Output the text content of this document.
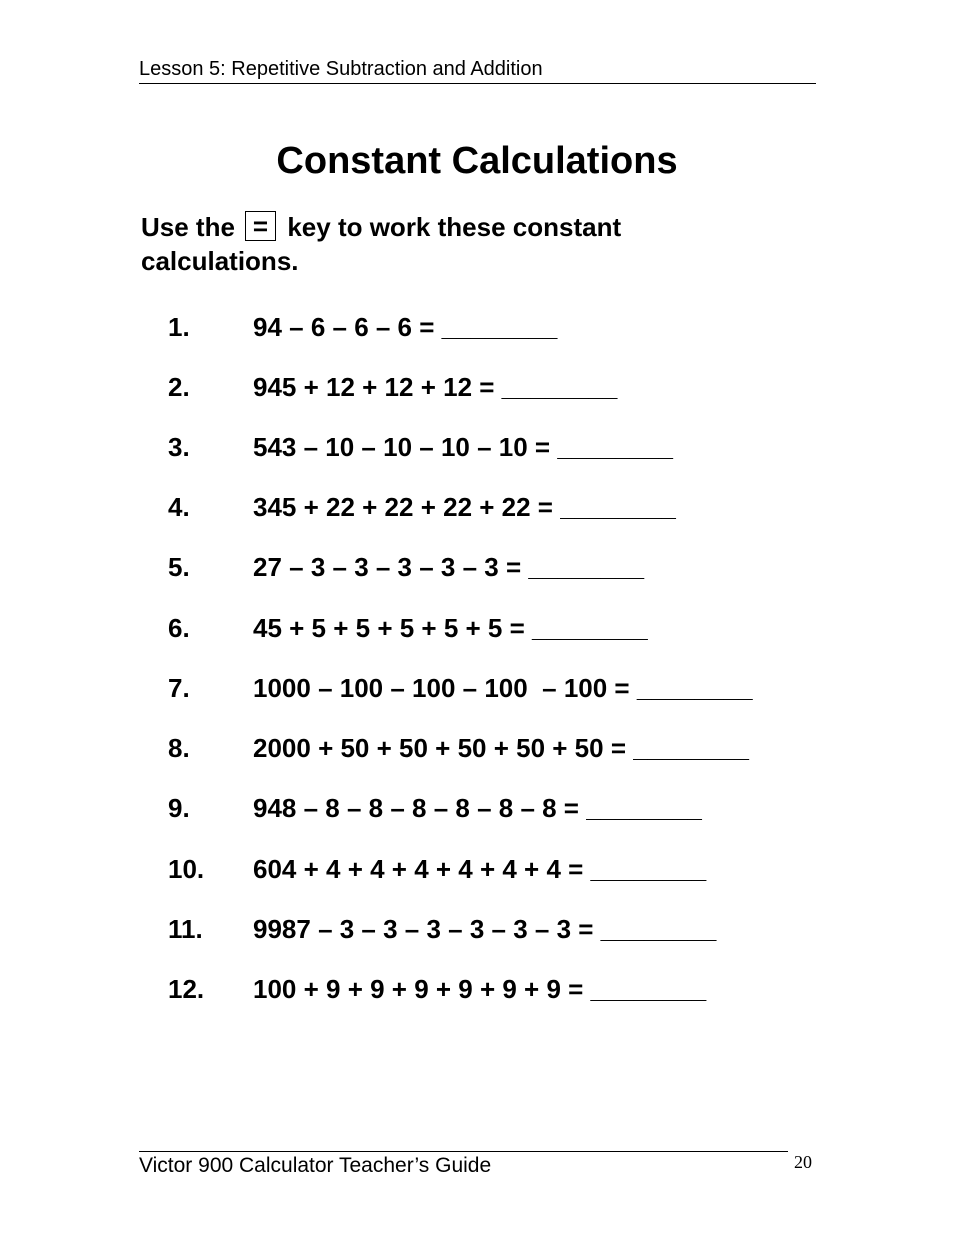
Lesson 5: Repetitive Subtraction and Addition
Constant Calculations
Use the = key to work these constant calculations.
1. 94 – 6 – 6 – 6 = ________
2. 945 + 12 + 12 + 12 = ________
3. 543 – 10 – 10 – 10 – 10 = ________
4. 345 + 22 + 22 + 22 + 22 = ________
5. 27 – 3 – 3 – 3 – 3 – 3 = ________
6. 45 + 5 + 5 + 5 + 5 + 5 = ________
7. 1000 – 100 – 100 – 100  – 100 = ________
8. 2000 + 50 + 50 + 50 + 50 + 50 = ________
9. 948 – 8 – 8 – 8 – 8 – 8 – 8 = ________
10. 604 + 4 + 4 + 4 + 4 + 4 + 4 = ________
11. 9987 – 3 – 3 – 3 – 3 – 3 – 3 = ________
12. 100 + 9 + 9 + 9 + 9 + 9 + 9 = ________
Victor 900 Calculator Teacher’s Guide	20
